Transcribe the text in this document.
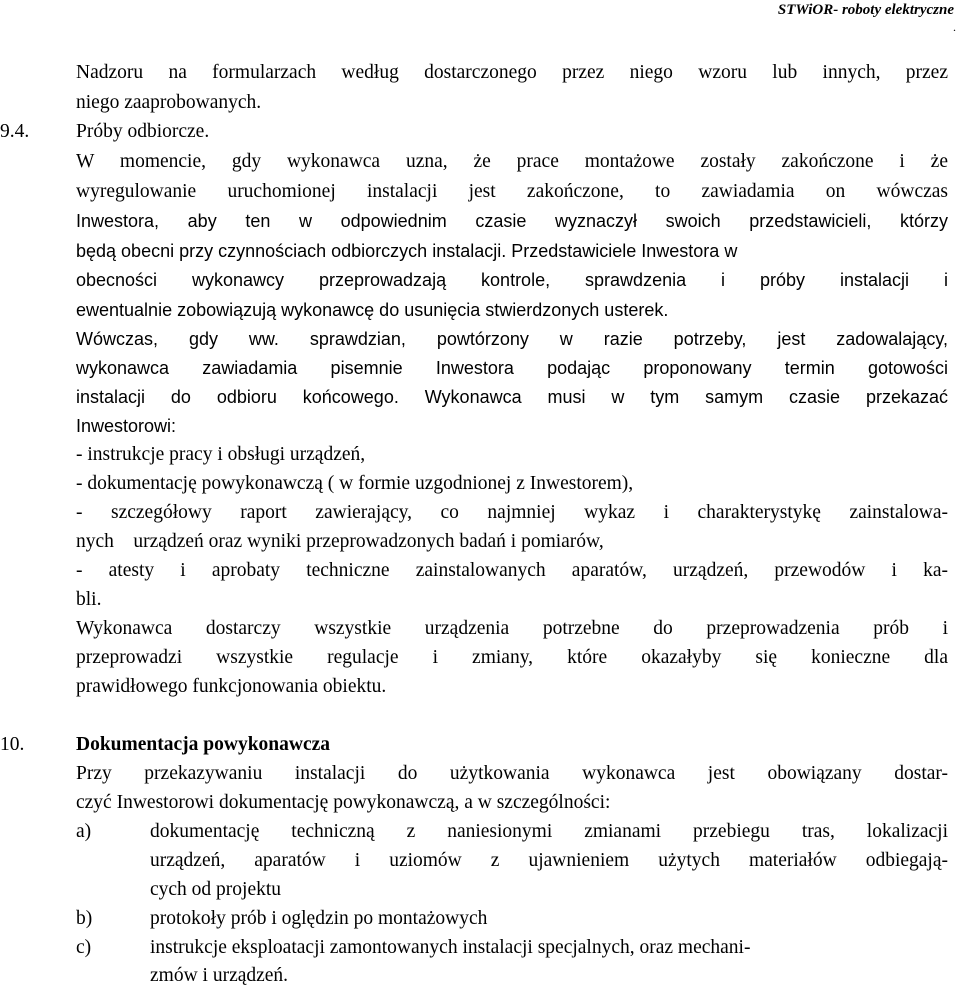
STWiOR- roboty elektryczne
.
Nadzoru na formularzach według dostarczonego przez niego wzoru lub innych, przez
niego zaaprobowanych.
9.4. Próby odbiorcze.
W momencie, gdy wykonawca uzna, że prace montażowe zostały zakończone i że
wyregulowanie uruchomionej instalacji jest zakończone, to zawiadamia on wówczas
Inwestora, aby ten w odpowiednim czasie wyznaczył swoich przedstawicieli, którzy
będą obecni przy czynnościach odbiorczych instalacji. Przedstawiciele Inwestora w
obecności wykonawcy przeprowadzają kontrole, sprawdzenia i próby instalacji i
ewentualnie zobowiązują wykonawcę do usunięcia stwierdzonych usterek.
Wówczas, gdy ww. sprawdzian, powtórzony w razie potrzeby, jest zadowalający,
wykonawca zawiadamia pisemnie Inwestora podając proponowany termin gotowości
instalacji do odbioru końcowego. Wykonawca musi w tym samym czasie przekazać
Inwestorowi:
- instrukcje pracy i obsługi urządzeń,
- dokumentację powykonawczą ( w formie uzgodnionej z Inwestorem),
- szczegółowy raport zawierający, co najmniej wykaz i charakterystykę zainstalowa-
nych    urządzeń oraz wyniki przeprowadzonych badań i pomiarów,
- atesty i aprobaty techniczne zainstalowanych aparatów, urządzeń, przewodów i ka-
bli.
Wykonawca dostarczy wszystkie urządzenia potrzebne do przeprowadzenia prób i
przeprowadzi wszystkie regulacje i zmiany, które okazałyby się konieczne dla
prawidłowego funkcjonowania obiektu.
10.	Dokumentacja powykonawcza
Przy przekazywaniu instalacji do użytkowania wykonawca jest obowiązany dostar-
czyć Inwestorowi dokumentację powykonawczą, a w szczególności:
a)	dokumentację techniczną z naniesionymi zmianami przebiegu tras, lokalizacji
urządzeń, aparatów i uziomów z ujawnieniem użytych materiałów odbiegają-
cych od projektu
b)	protokoły prób i oględzin po montażowych
c)	instrukcje eksploatacji zamontowanych instalacji specjalnych, oraz mechani-
zmów i urządzeń.
